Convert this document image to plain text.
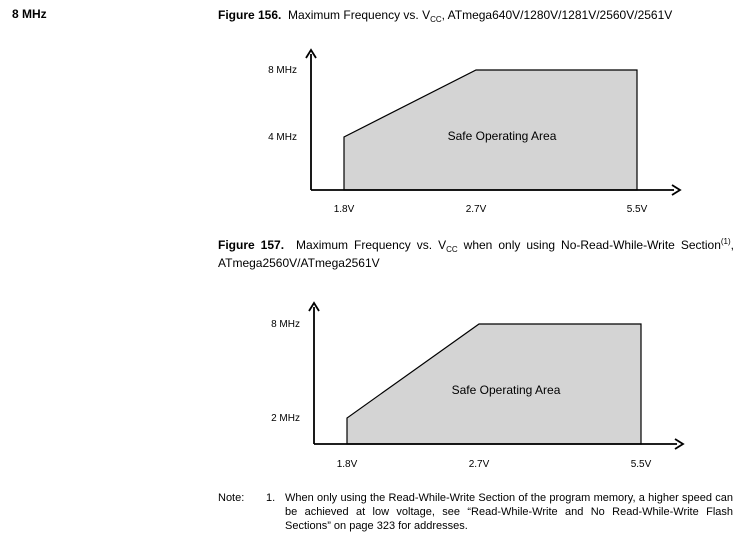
8 MHz	Figure 156. Maximum Frequency vs. $V_{CC}$, ATmega640V/1280V/1281V/2560V/2561V
Figure 157. Maximum Frequency vs. $V_{CC}$ when only using No-Read-While-Write Section$^{(1)}$, ATmega2560V/ATmega2561V
1.8V	2.7V	5.5V
4 MHz
8 MHz
Safe Operating Area
1.8V	2.7V	5.5V
2 MHz
8 MHz
Safe Operating Area
Note: 1. When only using the Read-While-Write Section of the program memory, a higher speed can be achieved at low voltage, see “Read-While-Write and No Read-While-Write Flash Sections” on page 323 for addresses.
